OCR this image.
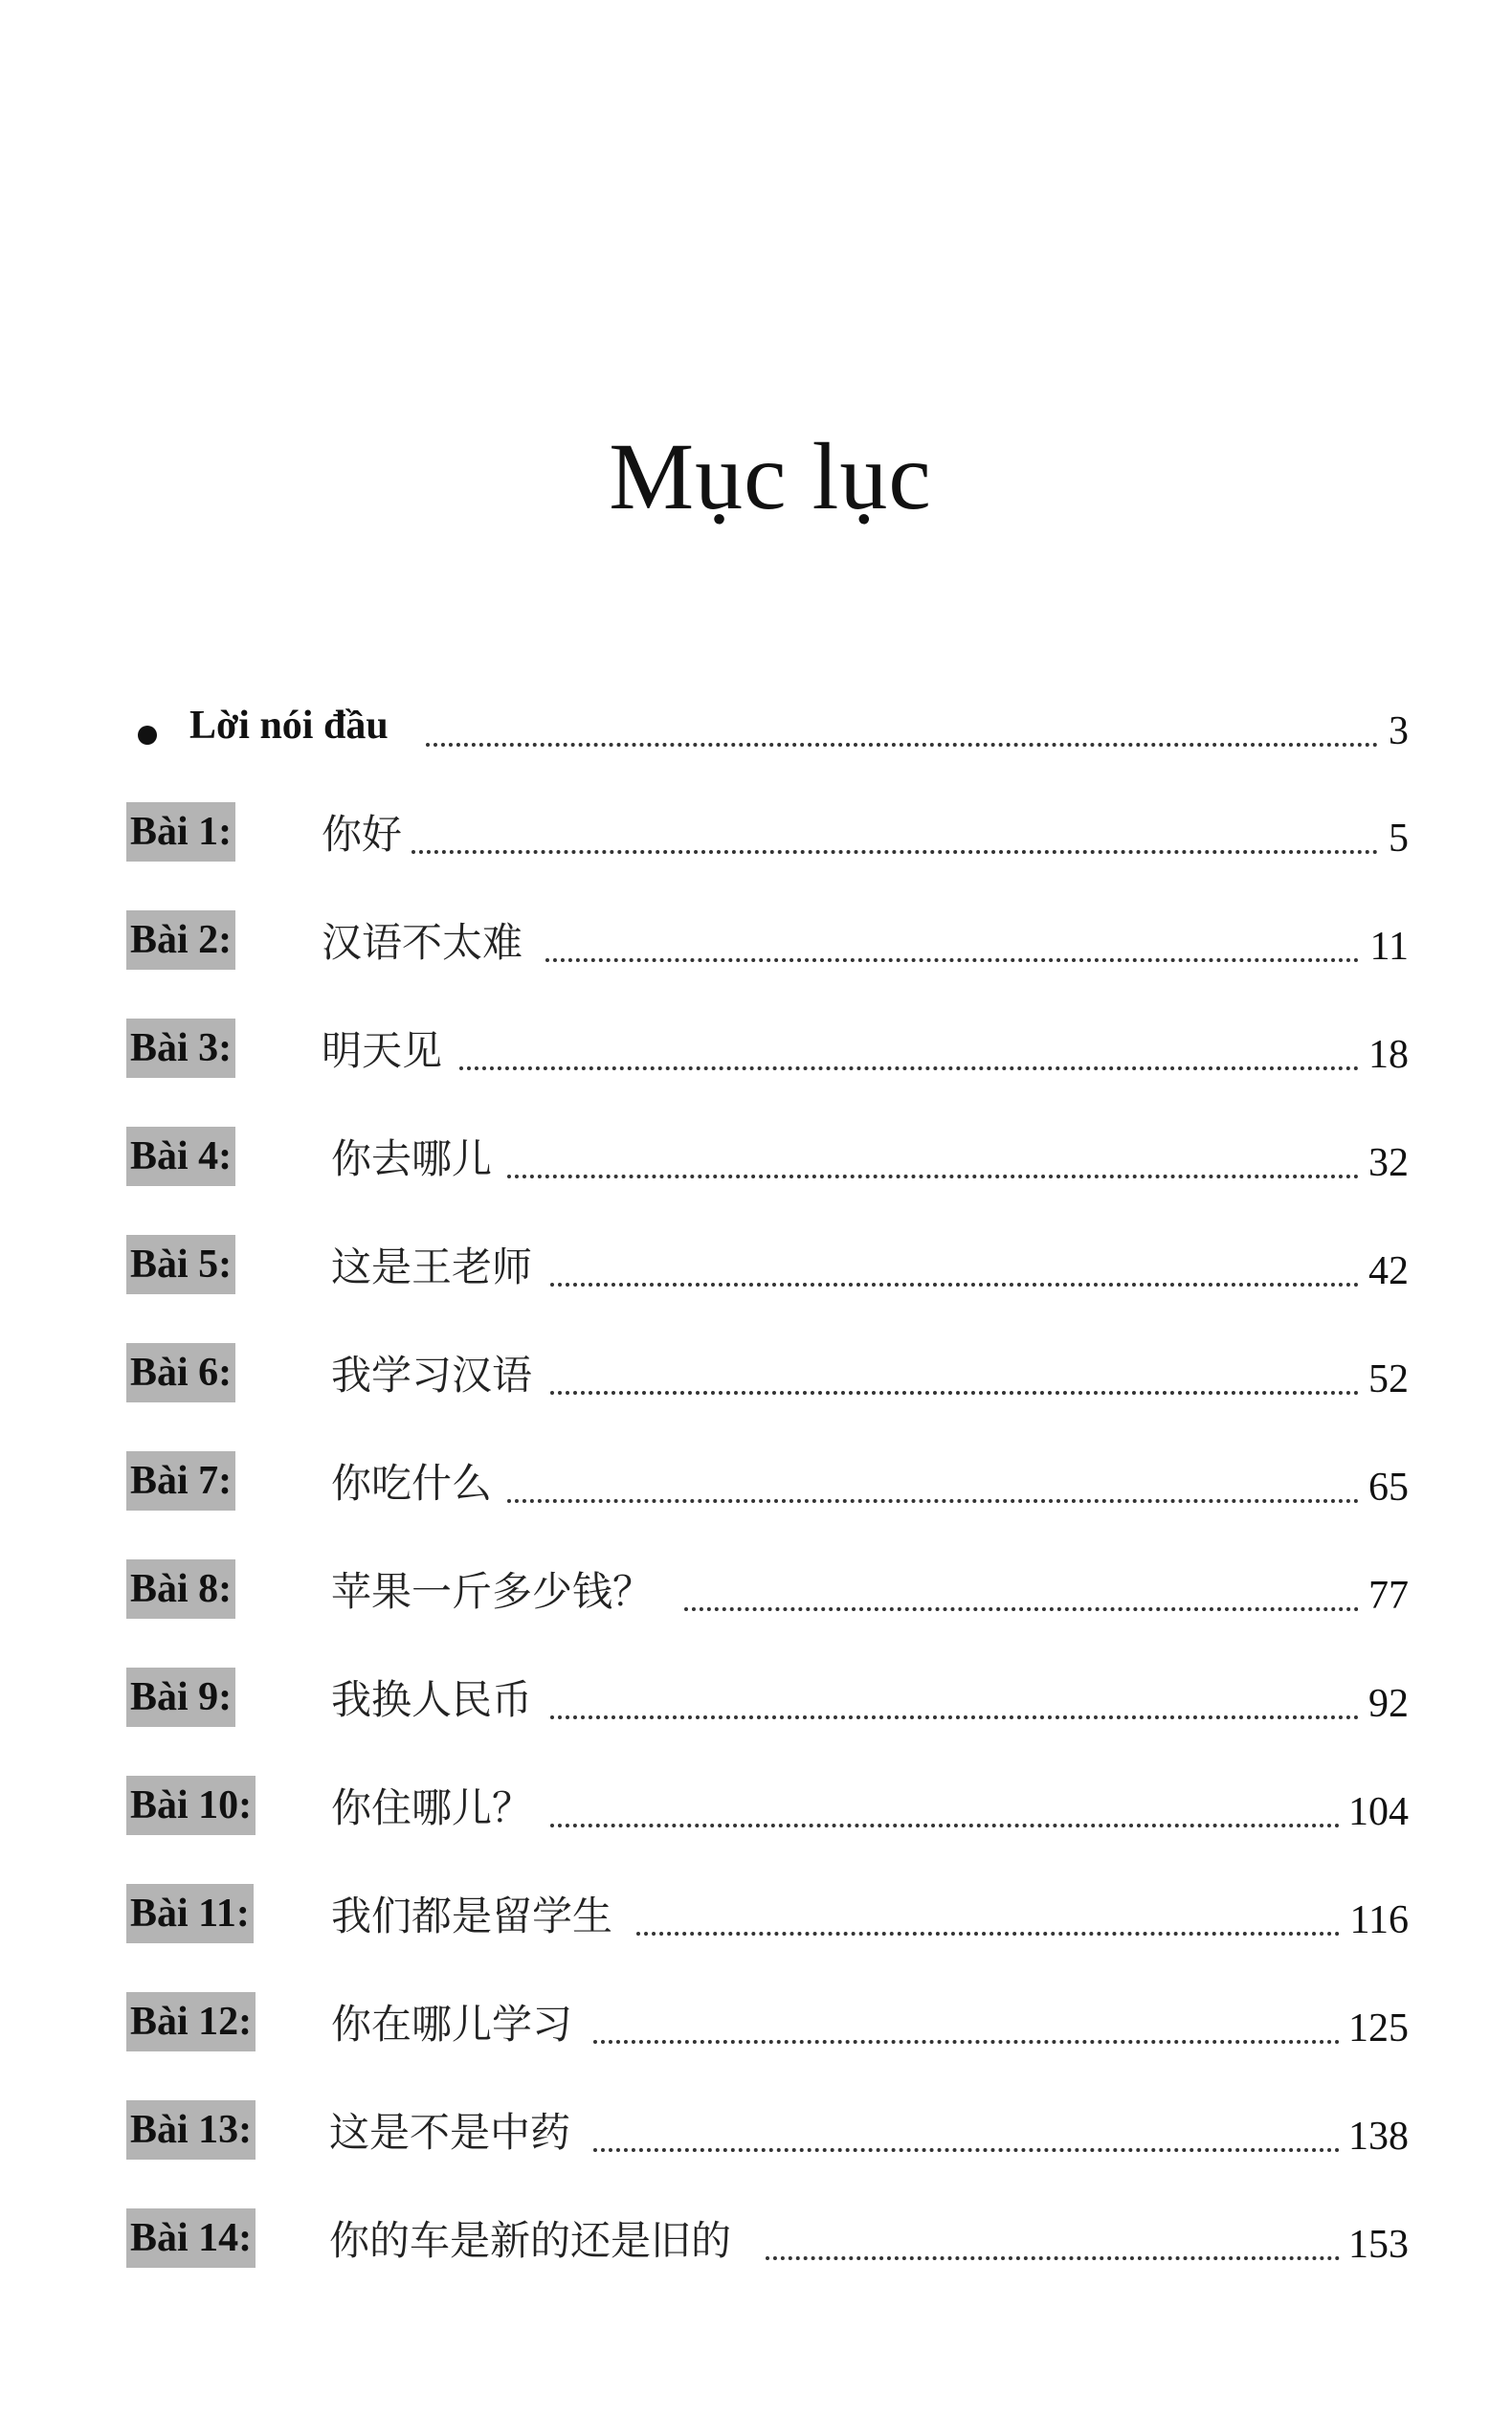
Mục lục
Lời nói đầu	3
Bài 1: 你好	5
Bài 2: 汉语不太难	11
Bài 3: 明天见	18
Bài 4: 你去哪儿	32
Bài 5: 这是王老师	42
Bài 6: 我学习汉语	52
Bài 7: 你吃什么	65
Bài 8: 苹果一斤多少钱？	77
Bài 9: 我换人民币	92
Bài 10: 你住哪儿？	104
Bài 11: 我们都是留学生	116
Bài 12: 你在哪儿学习	125
Bài 13: 这是不是中药	138
Bài 14: 你的车是新的还是旧的	153
